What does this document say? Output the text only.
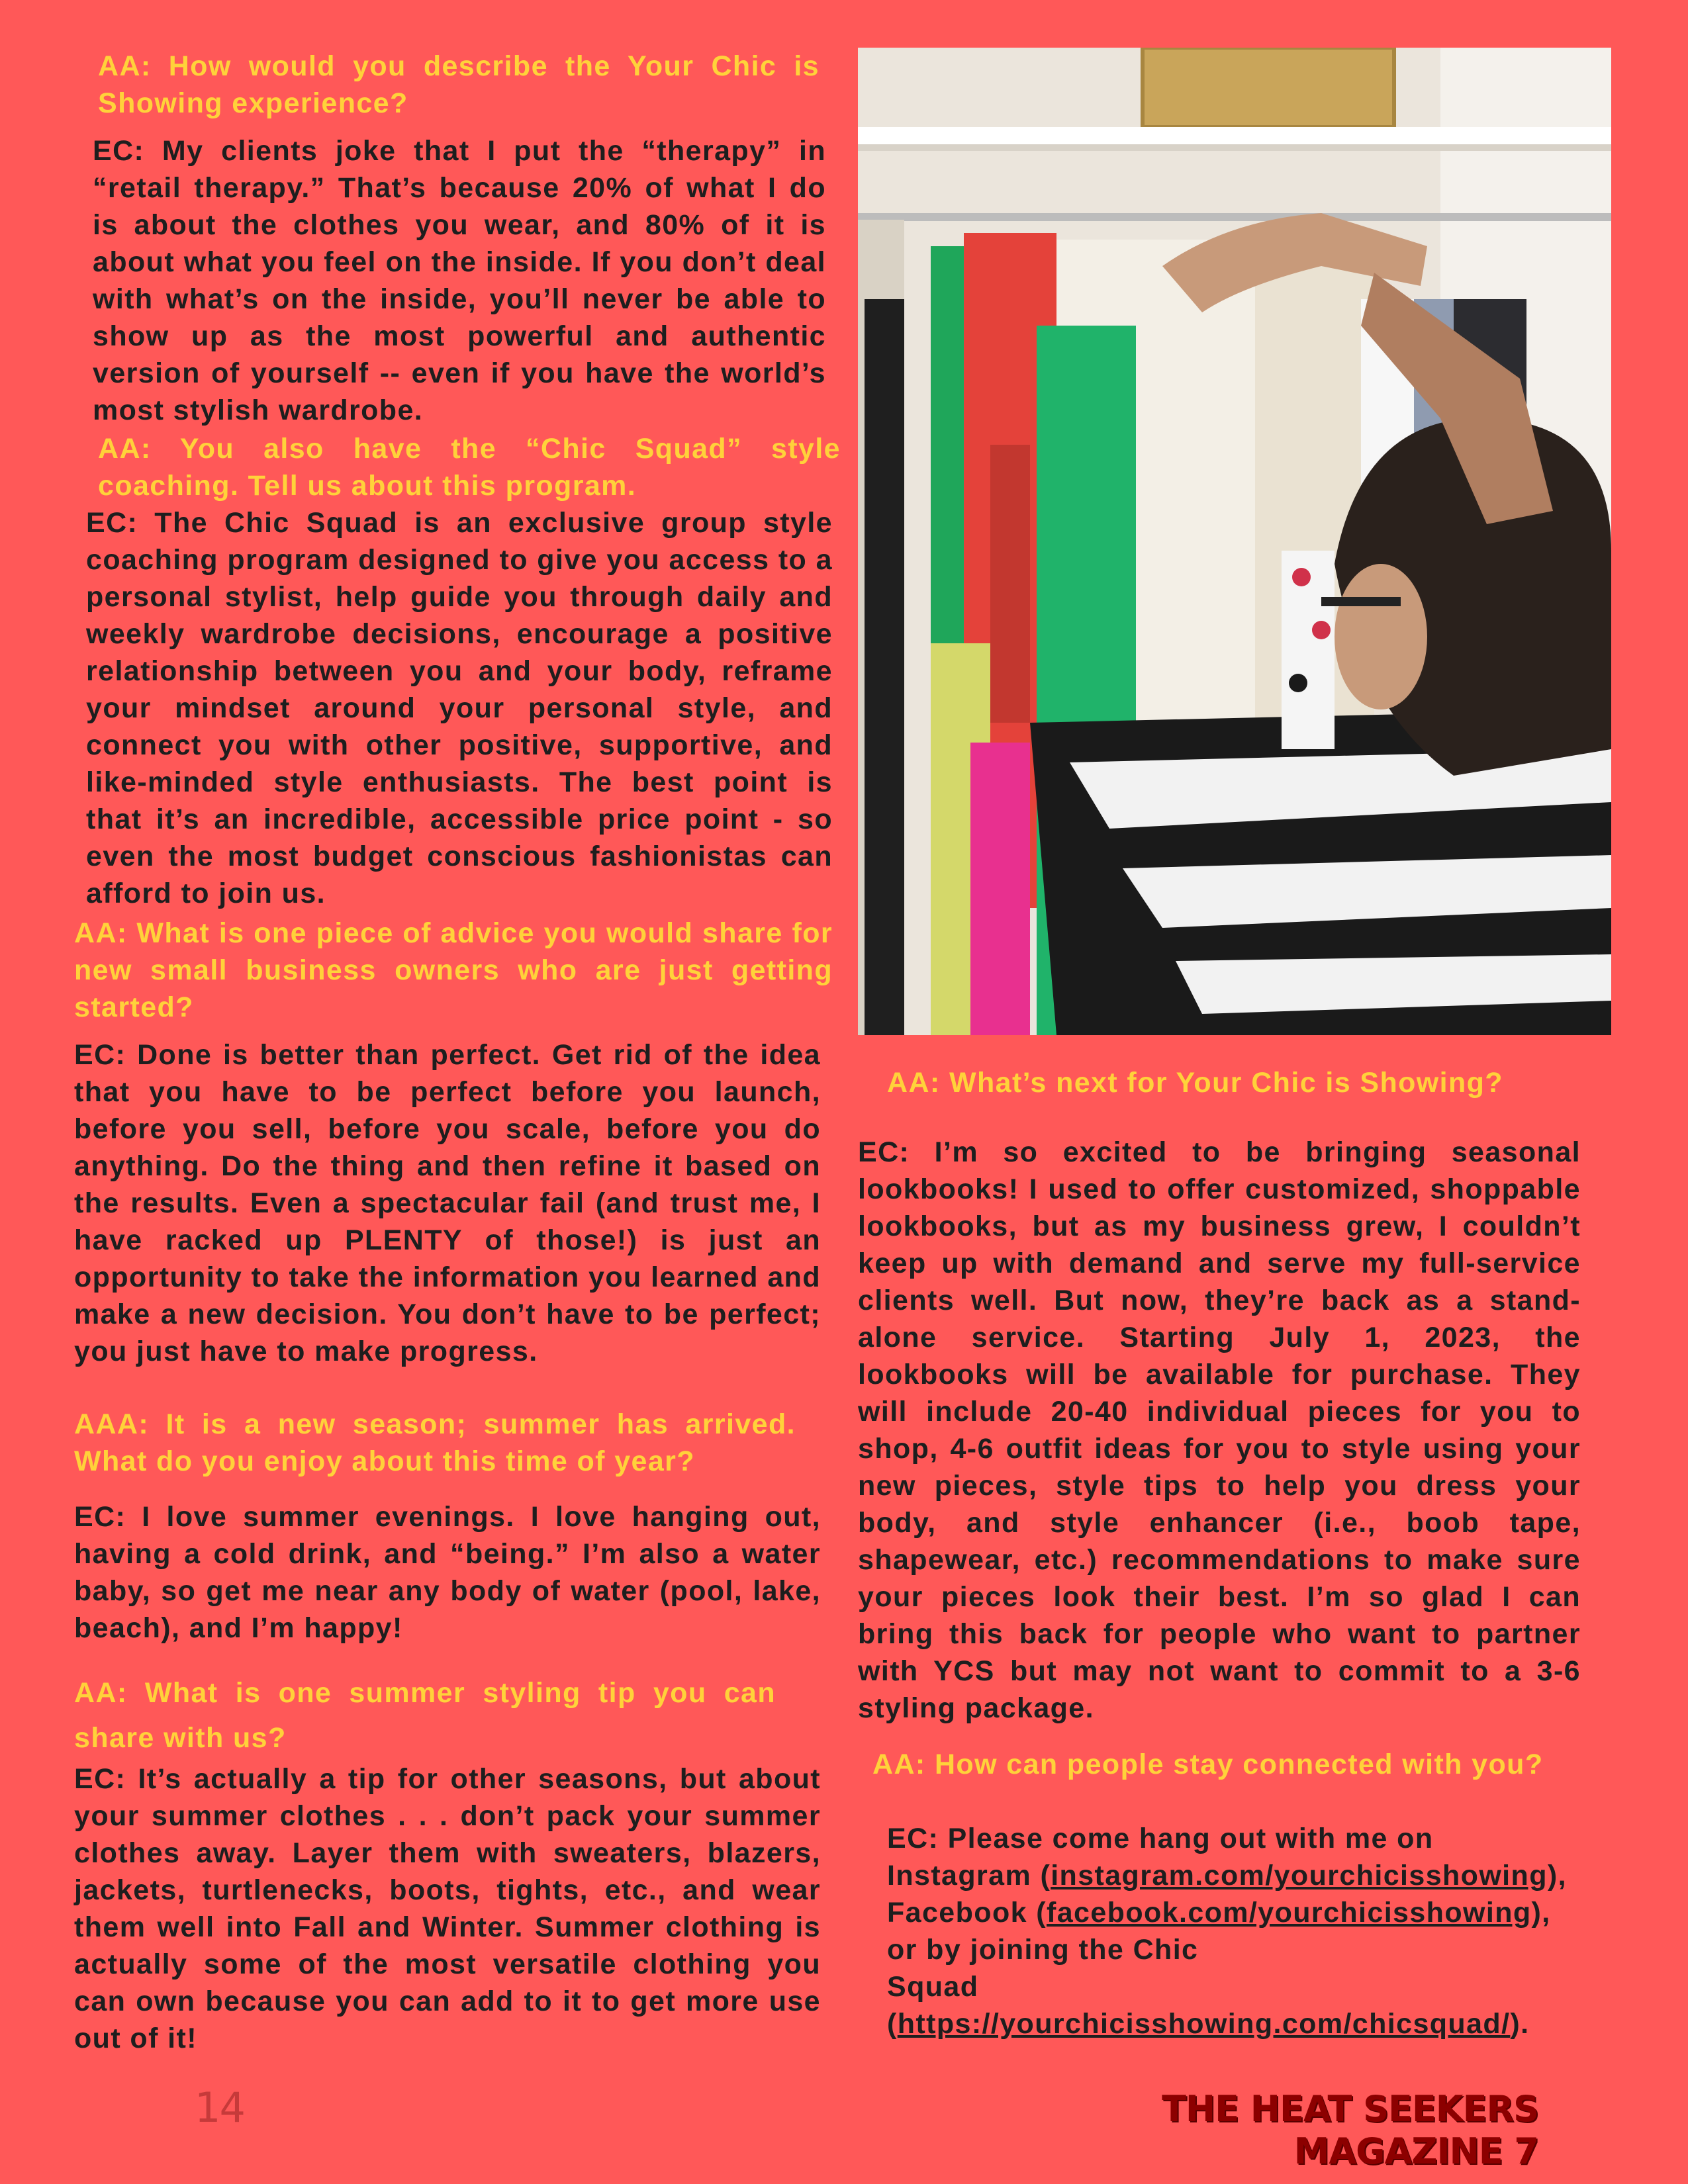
AA: How would you describe the Your Chic is Showing experience?

EC: My clients joke that I put the “therapy” in “retail therapy.” That’s because 20% of what I do is about the clothes you wear, and 80% of it is about what you feel on the inside. If you don’t deal with what’s on the inside, you’ll never be able to show up as the most powerful and authentic version of yourself -- even if you have the world’s most stylish wardrobe.

AA: You also have the “Chic Squad” style coaching. Tell us about this program.

EC: The Chic Squad is an exclusive group style coaching program designed to give you access to a personal stylist, help guide you through daily and weekly wardrobe decisions, encourage a positive relationship between you and your body, reframe your mindset around your personal style, and connect you with other positive, supportive, and like-minded style enthusiasts. The best point is that it’s an incredible, accessible price point - so even the most budget conscious fashionistas can afford to join us.

AA: What is one piece of advice you would share for new small business owners who are just getting started?

EC: Done is better than perfect. Get rid of the idea that you have to be perfect before you launch, before you sell, before you scale, before you do anything. Do the thing and then refine it based on the results. Even a spectacular fail (and trust me, I have racked up PLENTY of those!) is just an opportunity to take the information you learned and make a new decision. You don’t have to be perfect; you just have to make progress.

AAA: It is a new season; summer has arrived. What do you enjoy about this time of year?

EC: I love summer evenings. I love hanging out, having a cold drink, and “being.” I’m also a water baby, so get me near any body of water (pool, lake, beach), and I’m happy!

AA: What is one summer styling tip you can share with us?

EC: It’s actually a tip for other seasons, but about your summer clothes . . . don’t pack your summer clothes away. Layer them with sweaters, blazers, jackets, turtlenecks, boots, tights, etc., and wear them well into Fall and Winter. Summer clothing is actually some of the most versatile clothing you can own because you can add to it to get more use out of it!

AA: What’s next for Your Chic is Showing?

EC: I’m so excited to be bringing seasonal lookbooks! I used to offer customized, shoppable lookbooks, but as my business grew, I couldn’t keep up with demand and serve my full-service clients well. But now, they’re back as a stand-alone service. Starting July 1, 2023, the lookbooks will be available for purchase. They will include 20-40 individual pieces for you to shop, 4-6 outfit ideas for you to style using your new pieces, style tips to help you dress your body, and style enhancer (i.e., boob tape, shapewear, etc.) recommendations to make sure your pieces look their best. I’m so glad I can bring this back for people who want to partner with YCS but may not want to commit to a 3-6 styling package.

AA: How can people stay connected with you?

EC: Please come hang out with me on
Instagram (instagram.com/yourchicisshowing),
Facebook (facebook.com/yourchicisshowing),
or by joining the Chic
Squad
(https://yourchicisshowing.com/chicsquad/).
14	THE HEAT SEEKERS MAGAZINE 7
